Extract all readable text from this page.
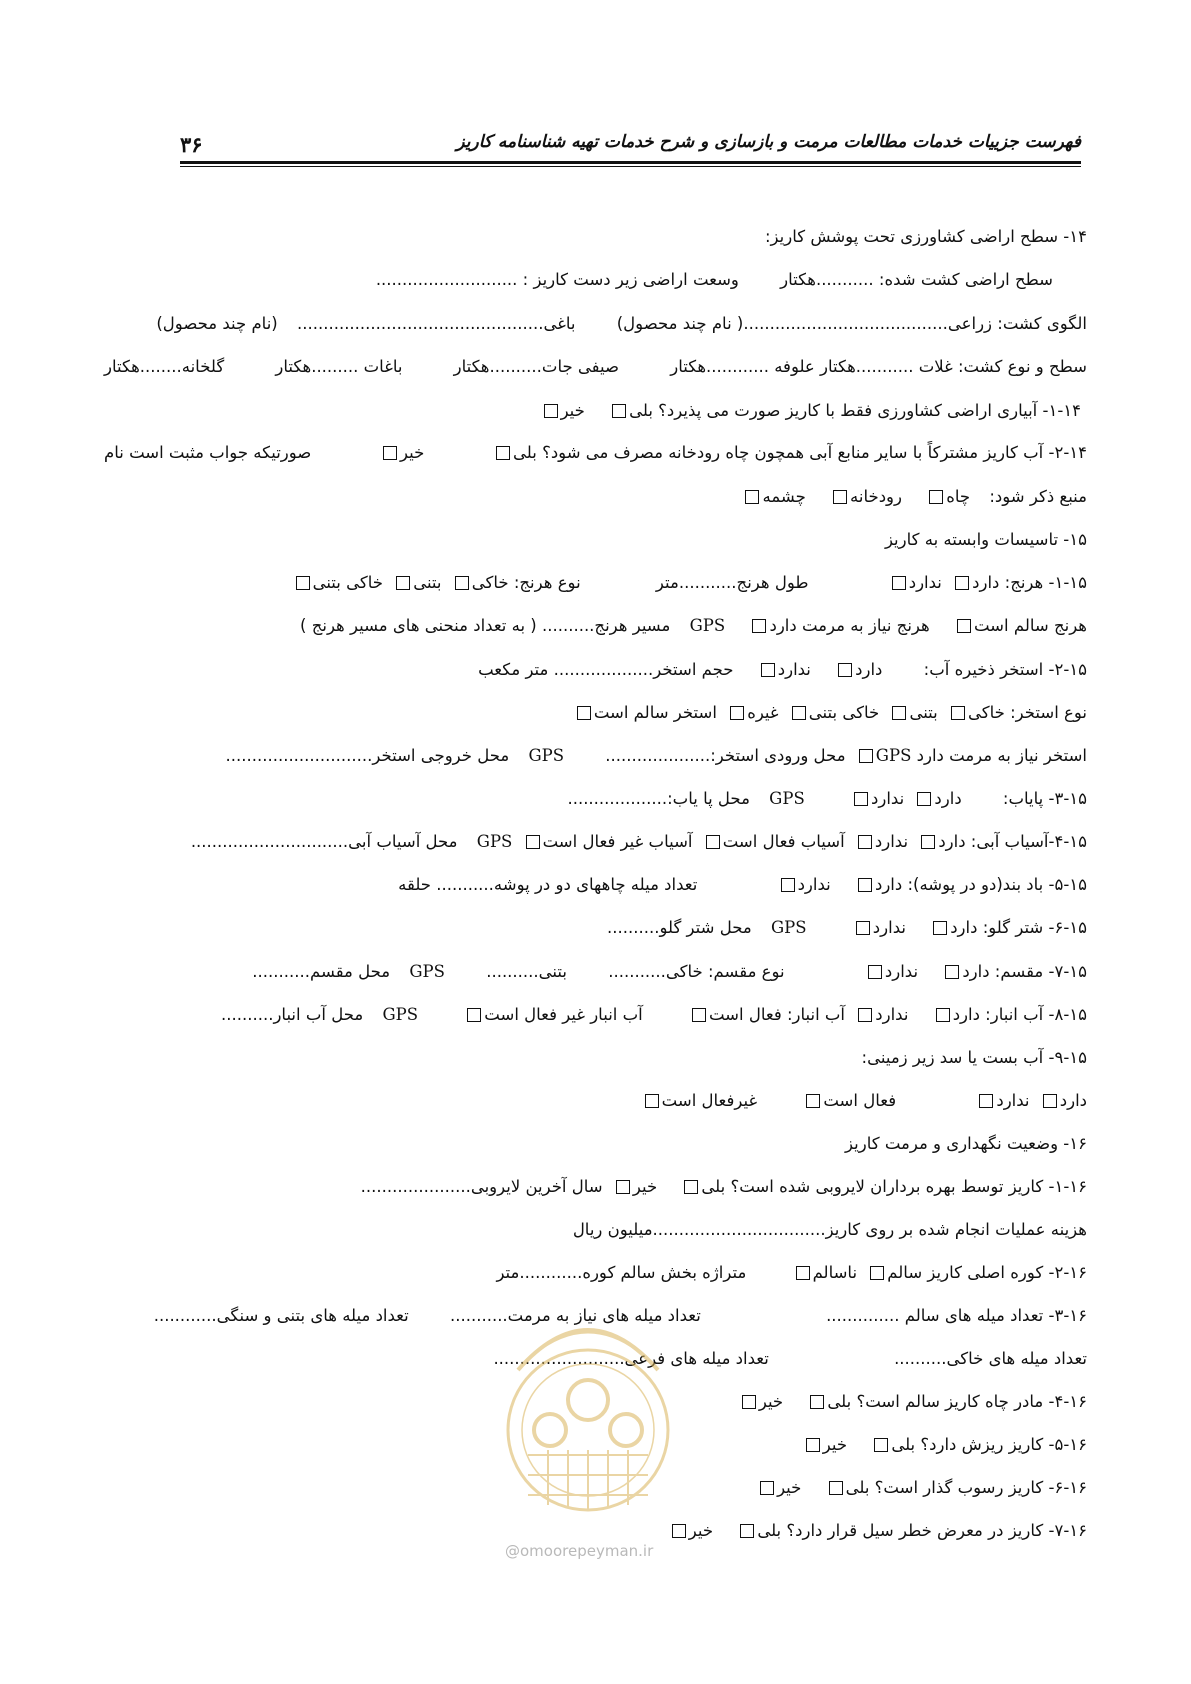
۳۶	فهرست جزییات خدمات مطالعات مرمت و بازسازی و شرح خدمات تهیه شناسنامه کاریز
۱۴- سطح اراضی کشاورزی تحت پوشش کاریز:
سطح اراضی کشت شده: ...........هکتار وسعت اراضی زیر دست کاریز : ...........................
الگوی کشت: زراعی.......................................( نام چند محصول) باغی............................................... (نام چند محصول)
سطح و نوع کشت: غلات ...........هکتار علوفه ............هکتار صیفی جات..........هکتار باغات .........هکتار گلخانه........هکتار
۱-۱۴- آبیاری اراضی کشاورزی فقط با کاریز صورت می پذیرد؟ بلی خیر
۲-۱۴- آب کاریز مشترکاً با سایر منابع آبی همچون چاه رودخانه مصرف می شود؟ بلی خیر صورتیکه جواب مثبت است نام
منبع ذکر شود: چاه رودخانه چشمه
۱۵- تاسیسات وابسته به کاریز
۱-۱۵- هرنج: دارد ندارد طول هرنج...........متر نوع هرنج: خاکی بتنی خاکی بتنی
هرنج سالم است هرنج نیاز به مرمت دارد GPS مسیر هرنج.......... ( به تعداد منحنی های مسیر هرنج )
۲-۱۵- استخر ذخیره آب: دارد ندارد حجم استخر................... متر مکعب
نوع استخر: خاکی بتنی خاکی بتنی غیره استخر سالم است
استخر نیاز به مرمت دارد GPS محل ورودی استخر:.................... GPS محل خروجی استخر............................
۳-۱۵- پایاب: دارد ندارد GPS محل پا یاب:...................
۴-۱۵-آسیاب آبی: دارد ندارد آسیاب فعال است آسیاب غیر فعال است GPS محل آسیاب آبی..............................
۵-۱۵- باد بند(دو در پوشه): دارد ندارد تعداد میله چاههای دو در پوشه........... حلقه
۶-۱۵- شتر گلو: دارد ندارد GPS محل شتر گلو..........
۷-۱۵- مقسم: دارد ندارد نوع مقسم: خاکی........... بتنی.......... GPS محل مقسم...........
۸-۱۵- آب انبار: دارد ندارد آب انبار: فعال است آب انبار غیر فعال است GPS محل آب انبار..........
۹-۱۵- آب بست یا سد زیر زمینی:
دارد ندارد فعال است غیرفعال است
۱۶- وضعیت نگهداری و مرمت کاریز
۱-۱۶- کاریز توسط بهره برداران لایروبی شده است؟ بلی خیر سال آخرین لایروبی.....................
هزینه عملیات انجام شده بر روی کاریز.................................میلیون ریال
۲-۱۶- کوره اصلی کاریز سالم ناسالم متراژه بخش سالم کوره............متر
۳-۱۶- تعداد میله های سالم .............. تعداد میله های نیاز به مرمت........... تعداد میله های بتنی و سنگی............
تعداد میله های خاکی.......... تعداد میله های فرعی.........................
۴-۱۶- مادر چاه کاریز سالم است؟ بلی خیر
۵-۱۶- کاریز ریزش دارد؟ بلی خیر
۶-۱۶- کاریز رسوب گذار است؟ بلی خیر
۷-۱۶- کاریز در معرض خطر سیل قرار دارد؟ بلی خیر
@omoorepeyman.ir
